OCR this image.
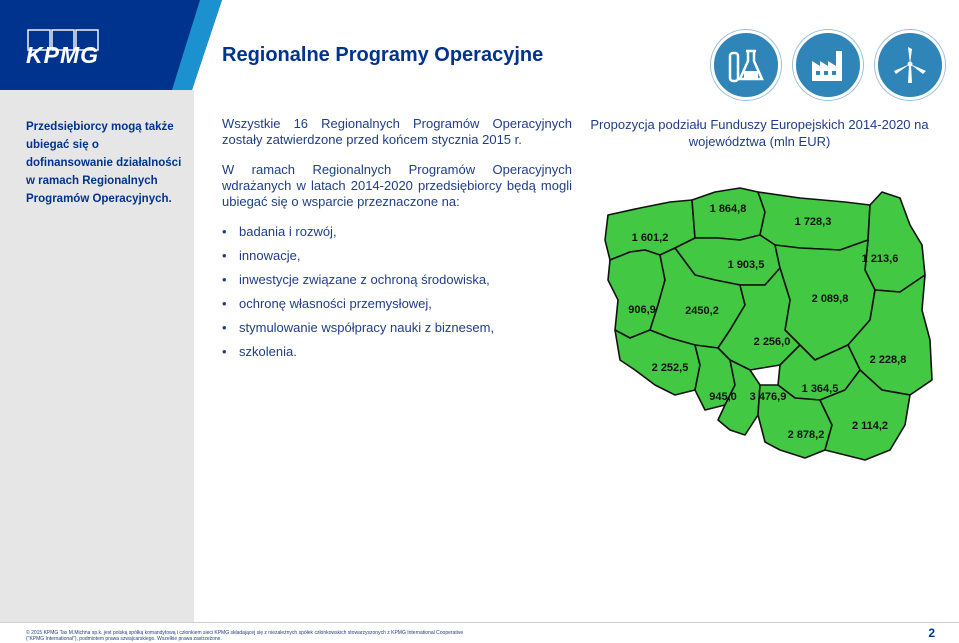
KPMG	Regionalne Programy Operacyjne
Przedsiębiorcy mogą także ubiegać się o dofinansowanie działalności w ramach Regionalnych Programów Operacyjnych.

Wszystkie 16 Regionalnych Programów Operacyjnych zostały zatwierdzone przed końcem stycznia 2015 r.

W ramach Regionalnych Programów Operacyjnych wdrażanych w latach 2014-2020 przedsiębiorcy będą mogli ubiegać się o wsparcie przeznaczone na:

• badania i rozwój,
• innowacje,
• inwestycje związane z ochroną środowiska,
• ochronę własności przemysłowej,
• stymulowanie współpracy nauki z biznesem,
• szkolenia.
Propozycja podziału Funduszy Europejskich 2014-2020 na województwa (mln EUR)
1 864,8
1 728,3
1 601,2
1 903,5	1 213,6
906,9	2450,2
2 089,8
2 256,0
2 228,8
2 252,5
1 364,5
945,0 3 476,9
2 114,2
2 878,2
© 2015 KPMG Tax M.Michna sp.k. jest polską spółką komandytową i członkiem sieci KPMG składającej się z niezależnych spółek członkowskich stowarzyszonych z KPMG International Cooperative ("KPMG International"), podmiotem prawa szwajcarskiego. Wszelkie prawa zastrzeżone.	2
